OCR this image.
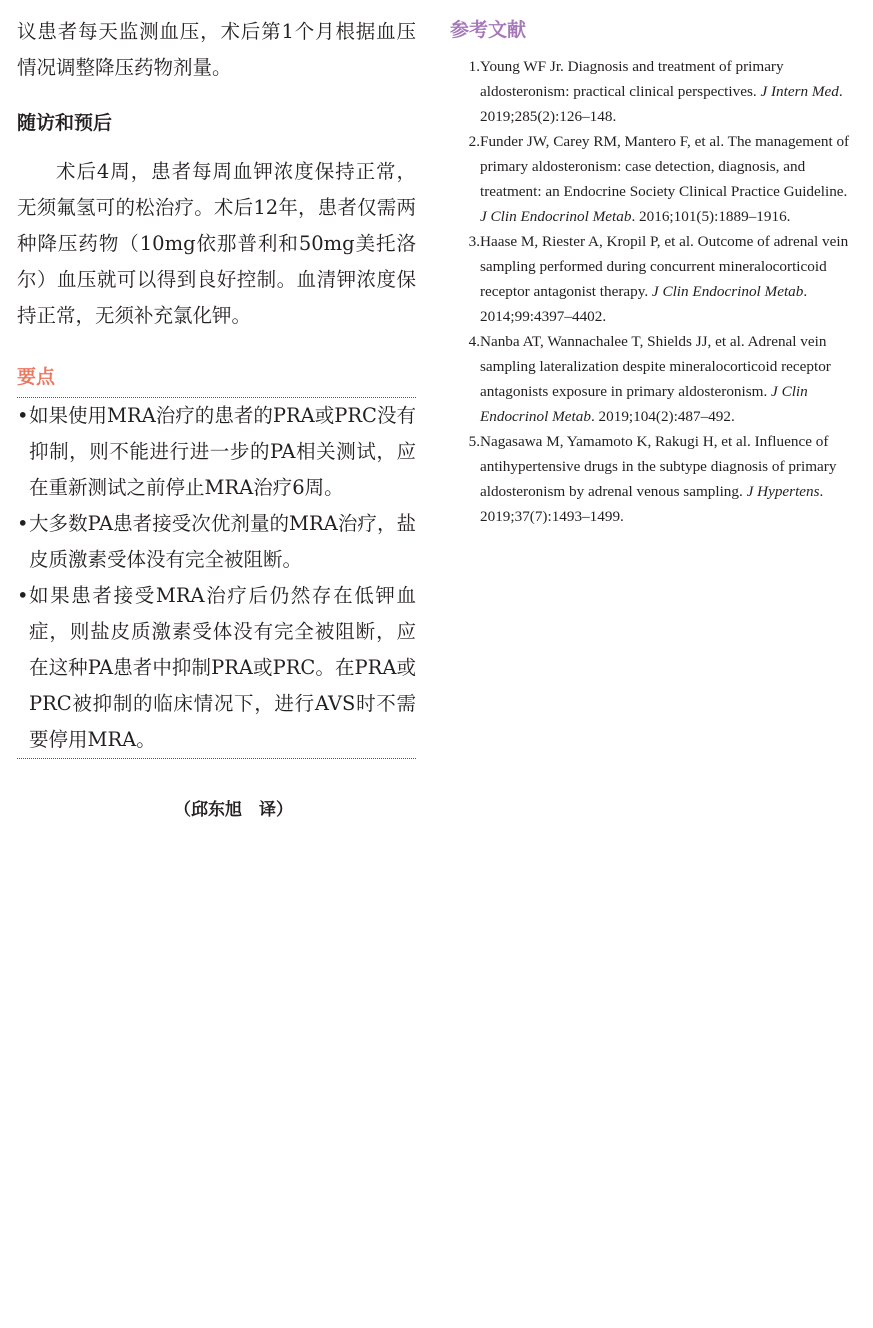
议患者每天监测血压，术后第1个月根据血压情况调整降压药物剂量。

随访和预后

术后4周，患者每周血钾浓度保持正常，无须氟氢可的松治疗。术后12年，患者仅需两种降压药物（10mg依那普利和50mg美托洛尔）血压就可以得到良好控制。血清钾浓度保持正常，无须补充氯化钾。

要点
• 如果使用MRA治疗的患者的PRA或PRC没有抑制，则不能进行进一步的PA相关测试，应在重新测试之前停止MRA治疗6周。
• 大多数PA患者接受次优剂量的MRA治疗，盐皮质激素受体没有完全被阻断。
• 如果患者接受MRA治疗后仍然存在低钾血症，则盐皮质激素受体没有完全被阻断，应在这种PA患者中抑制PRA或PRC。在PRA或PRC被抑制的临床情况下，进行AVS时不需要停用MRA。
（邱东旭　译）
参考文献
1. Young WF Jr. Diagnosis and treatment of primary aldosteronism: practical clinical perspectives. J Intern Med. 2019;285(2):126–148.
2. Funder JW, Carey RM, Mantero F, et al. The management of primary aldosteronism: case detection, diagnosis, and treatment: an Endocrine Society Clinical Practice Guideline. J Clin Endocrinol Metab. 2016;101(5):1889–1916.
3. Haase M, Riester A, Kropil P, et al. Outcome of adrenal vein sampling performed during concurrent mineralocorticoid receptor antagonist therapy. J Clin Endocrinol Metab. 2014;99:4397–4402.
4. Nanba AT, Wannachalee T, Shields JJ, et al. Adrenal vein sampling lateralization despite mineralocorticoid receptor antagonists exposure in primary aldosteronism. J Clin Endocrinol Metab. 2019;104(2):487–492.
5. Nagasawa M, Yamamoto K, Rakugi H, et al. Influence of antihypertensive drugs in the subtype diagnosis of primary aldosteronism by adrenal venous sampling. J Hypertens. 2019;37(7):1493–1499.
